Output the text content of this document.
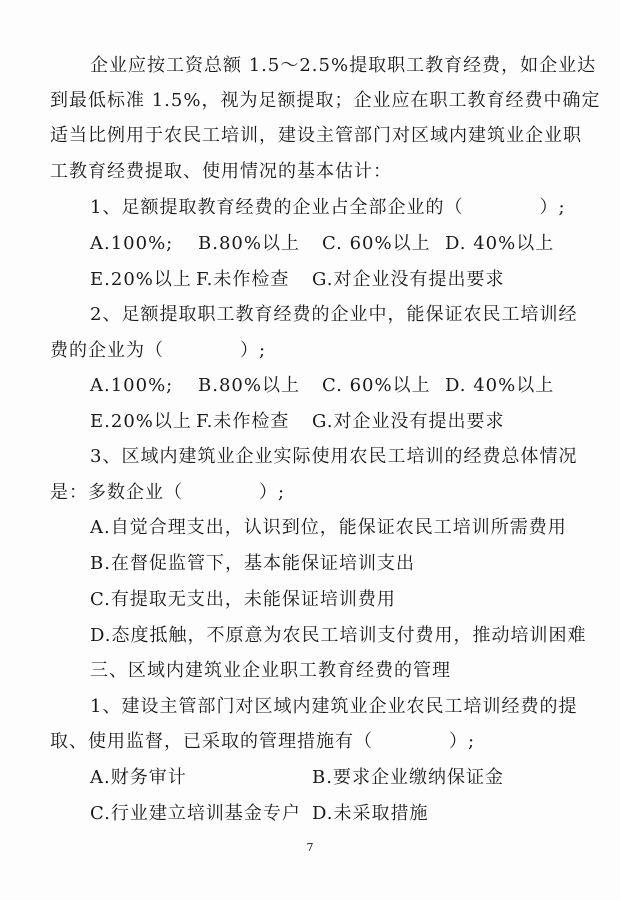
企业应按工资总额 1.5～2.5%提取职工教育经费，如企业达
到最低标准 1.5%，视为足额提取；企业应在职工教育经费中确定
适当比例用于农民工培训，建设主管部门对区域内建筑业企业职
工教育经费提取、使用情况的基本估计：
1、足额提取教育经费的企业占全部企业的（　　　　）;
A.100%; B.80%以上 C. 60%以上 D. 40%以上
E.20%以上 F.未作检查 G.对企业没有提出要求
2、足额提取职工教育经费的企业中，能保证农民工培训经
费的企业为（　　　　）;
A.100%; B.80%以上 C. 60%以上 D. 40%以上
E.20%以上 F.未作检查 G.对企业没有提出要求
3、区域内建筑业企业实际使用农民工培训的经费总体情况
是：多数企业（　　　　）;
A.自觉合理支出，认识到位，能保证农民工培训所需费用
B.在督促监管下，基本能保证培训支出
C.有提取无支出，未能保证培训费用
D.态度抵触，不原意为农民工培训支付费用，推动培训困难
三、区域内建筑业企业职工教育经费的管理
1、建设主管部门对区域内建筑业企业农民工培训经费的提
取、使用监督，已采取的管理措施有（　　　　）;
A.财务审计	B.要求企业缴纳保证金
C.行业建立培训基金专户 D.未采取措施
7
